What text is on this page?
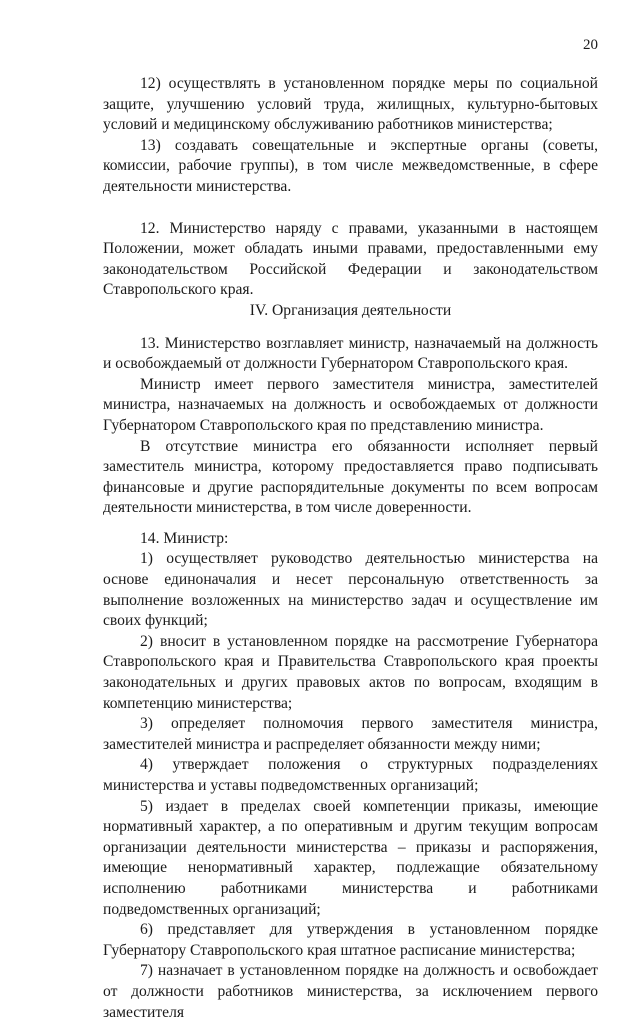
20

12) осуществлять в установленном порядке меры по социальной защите, улучшению условий труда, жилищных, культурно-бытовых условий и медицинскому обслуживанию работников министерства;

13) создавать совещательные и экспертные органы (советы, комиссии, рабочие группы), в том числе межведомственные, в сфере деятельности министерства.

12. Министерство наряду с правами, указанными в настоящем Положении, может обладать иными правами, предоставленными ему законодательством Российской Федерации и законодательством Ставропольского края.

IV. Организация деятельности

13. Министерство возглавляет министр, назначаемый на должность и освобождаемый от должности Губернатором Ставропольского края.

Министр имеет первого заместителя министра, заместителей министра, назначаемых на должность и освобождаемых от должности Губернатором Ставропольского края по представлению министра.

В отсутствие министра его обязанности исполняет первый заместитель министра, которому предоставляется право подписывать финансовые и другие распорядительные документы по всем вопросам деятельности министерства, в том числе доверенности.

14. Министр:

1) осуществляет руководство деятельностью министерства на основе единоначалия и несет персональную ответственность за выполнение возложенных на министерство задач и осуществление им своих функций;

2) вносит в установленном порядке на рассмотрение Губернатора Ставропольского края и Правительства Ставропольского края проекты законодательных и других правовых актов по вопросам, входящим в компетенцию министерства;

3) определяет полномочия первого заместителя министра, заместителей министра и распределяет обязанности между ними;

4) утверждает положения о структурных подразделениях министерства и уставы подведомственных организаций;

5) издает в пределах своей компетенции приказы, имеющие нормативный характер, а по оперативным и другим текущим вопросам организации деятельности министерства – приказы и распоряжения, имеющие ненормативный характер, подлежащие обязательному исполнению работниками министерства и работниками подведомственных организаций;

6) представляет для утверждения в установленном порядке Губернатору Ставропольского края штатное расписание министерства;

7) назначает в установленном порядке на должность и освобождает от должности работников министерства, за исключением первого заместителя
